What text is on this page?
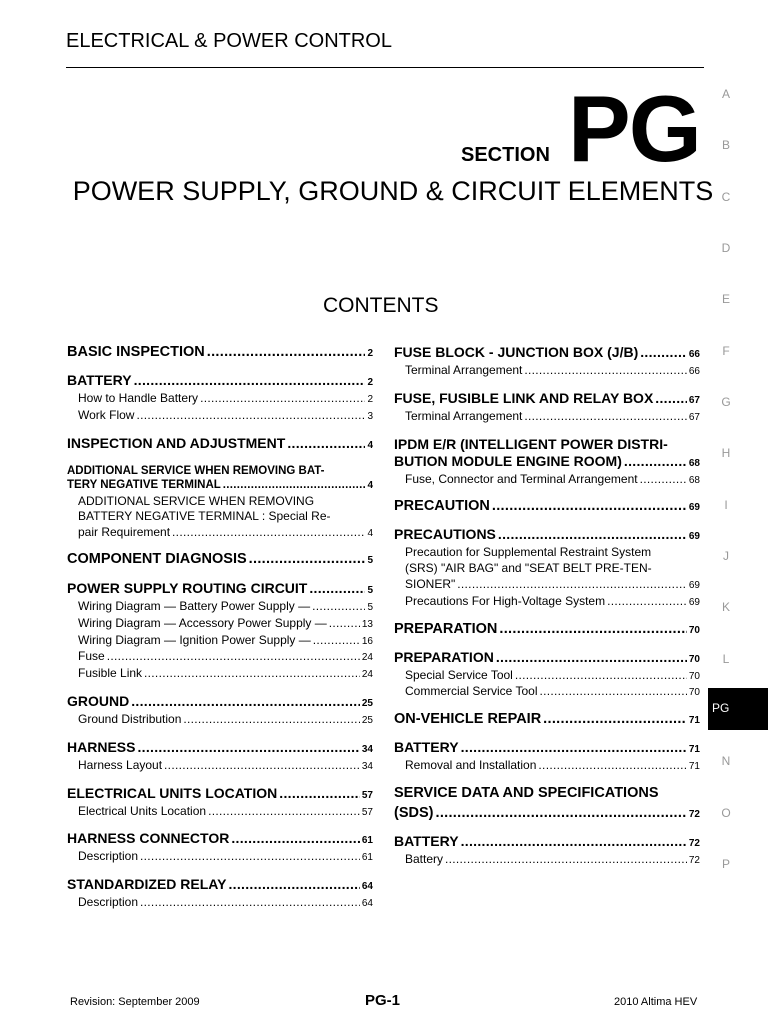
ELECTRICAL & POWER CONTROL
SECTION PG
POWER SUPPLY, GROUND & CIRCUIT ELEMENTS
CONTENTS
BASIC INSPECTION .....	2
BATTERY .....	2
How to Handle Battery .....	2
Work Flow .....	3
INSPECTION AND ADJUSTMENT .....	4
ADDITIONAL SERVICE WHEN REMOVING BAT-
TERY NEGATIVE TERMINAL .....	4
ADDITIONAL SERVICE WHEN REMOVING
BATTERY NEGATIVE TERMINAL : Special Re-
pair Requirement .....	4
COMPONENT DIAGNOSIS .....	5
POWER SUPPLY ROUTING CIRCUIT .....	5
Wiring Diagram — Battery Power Supply — .....	5
Wiring Diagram — Accessory Power Supply — .....	13
Wiring Diagram — Ignition Power Supply — .....	16
Fuse .....	24
Fusible Link .....	24
GROUND .....	25
Ground Distribution .....	25
HARNESS .....	34
Harness Layout .....	34
ELECTRICAL UNITS LOCATION .....	57
Electrical Units Location .....	57
HARNESS CONNECTOR .....	61
Description .....	61
STANDARDIZED RELAY .....	64
Description .....	64
FUSE BLOCK - JUNCTION BOX (J/B) .....	66
Terminal Arrangement .....	66
FUSE, FUSIBLE LINK AND RELAY BOX .....	67
Terminal Arrangement .....	67
IPDM E/R (INTELLIGENT POWER DISTRI-
BUTION MODULE ENGINE ROOM) .....	68
Fuse, Connector and Terminal Arrangement .....	68
PRECAUTION .....	69
PRECAUTIONS .....	69
Precaution for Supplemental Restraint System
(SRS) "AIR BAG" and "SEAT BELT PRE-TEN-
SIONER" .....	69
Precautions For High-Voltage System .....	69
PREPARATION .....	70
PREPARATION .....	70
Special Service Tool .....	70
Commercial Service Tool .....	70
ON-VEHICLE REPAIR .....	71
BATTERY .....	71
Removal and Installation .....	71
SERVICE DATA AND SPECIFICATIONS
(SDS) .....	72
BATTERY .....	72
Battery .....	72
A
B
C
D
E
F
G
H
I
J
K
L
N
O
P
PG
Revision: September 2009	PG-1	2010 Altima HEV
